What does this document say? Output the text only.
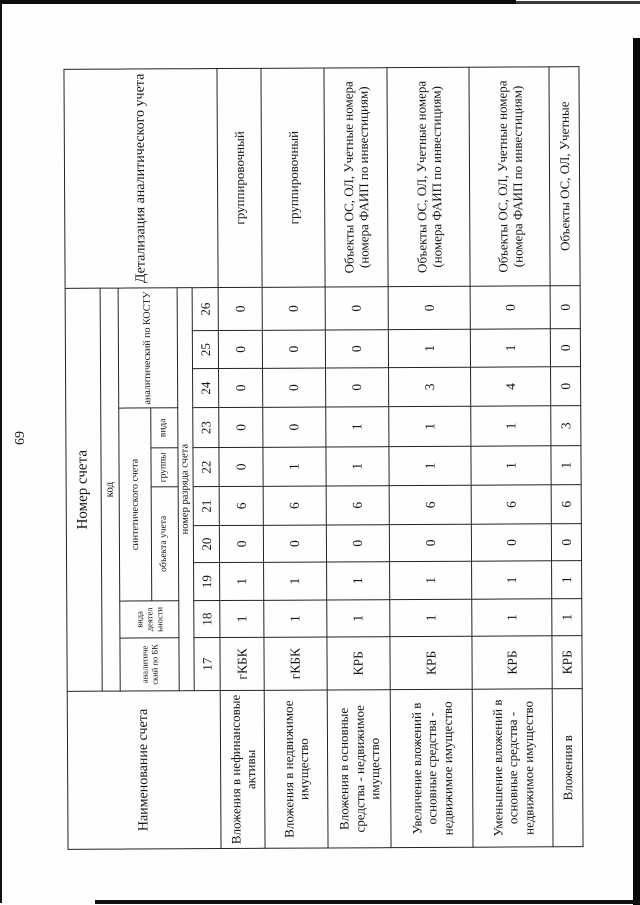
69
Наименование счета	Номер счета										Детализация аналитического учета
	код										
	аналитиче ский по БК	вида деятел ьности	синтетического счета					аналитический по КОСТУ			
			объекта учета			группы	вида				
	номер разряда счета										
	17	18	19	20	21	22	23	24	25	26	
Вложения в нефинансовые активы	гКБК	1	1	0	6	0	0	0	0	0	группировочный
Вложения в недвижимое имущество	гКБК	1	1	0	6	1	0	0	0	0	группировочный
Вложения в основные средства - недвижимое имущество	КРБ	1	1	0	6	1	1	0	0	0	Объекты ОС, ОЛ, Учетные номера (номера ФАИП по инвестициям)
Увеличение вложений в основные средства - недвижимое имущество	КРБ	1	1	0	6	1	1	3	1	0	Объекты ОС, ОЛ, Учетные номера (номера ФАИП по инвестициям)
Уменьшение вложений в основные средства - недвижимое имущество	КРБ	1	1	0	6	1	1	4	1	0	Объекты ОС, ОЛ, Учетные номера (номера ФАИП по инвестициям)
Вложения в	КРБ	1	1	0	6	1	3	0	0	0	Объекты ОС, ОЛ, Учетные
